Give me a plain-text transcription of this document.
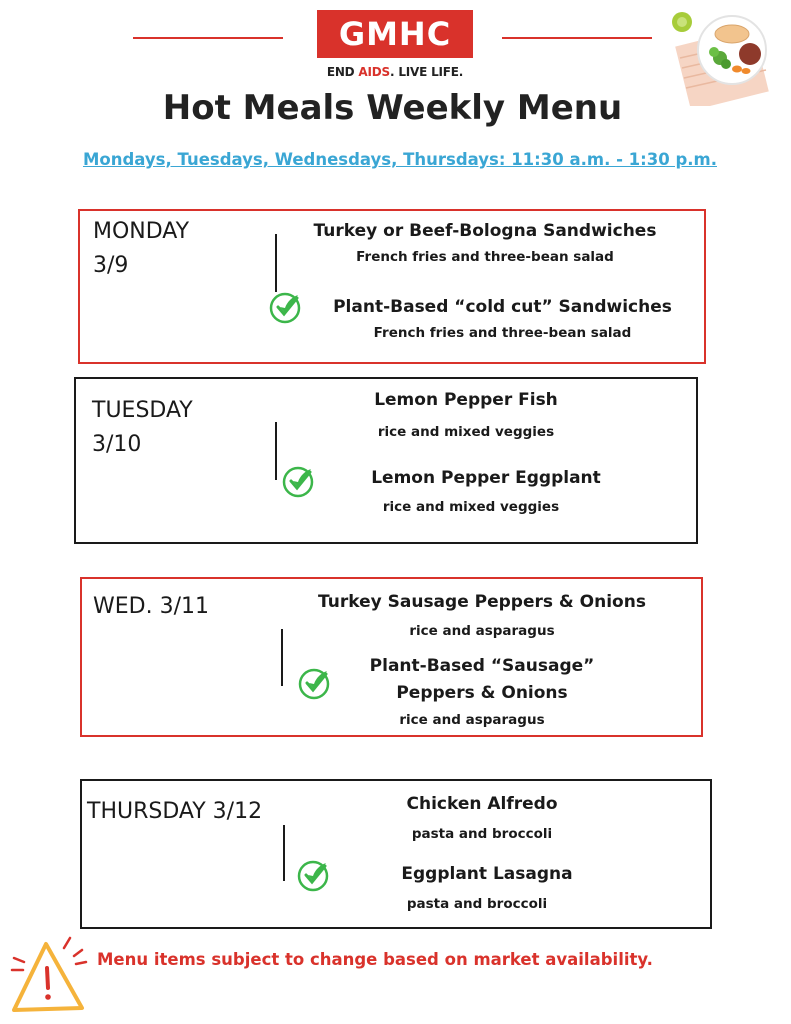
GMHC
END AIDS. LIVE LIFE.
Hot Meals Weekly Menu
Mondays, Tuesdays, Wednesdays, Thursdays: 11:30 a.m. - 1:30 p.m.
MONDAY
3/9
Turkey or Beef-Bologna Sandwiches
French fries and three-bean salad
Plant-Based “cold cut” Sandwiches
French fries and three-bean salad
TUESDAY
3/10
Lemon Pepper Fish
rice and mixed veggies
Lemon Pepper Eggplant
rice and mixed veggies
WED. 3/11	Turkey Sausage Peppers & Onions
rice and asparagus
Plant-Based “Sausage”
Peppers & Onions
rice and asparagus
THURSDAY 3/12	Chicken Alfredo
pasta and broccoli
Eggplant Lasagna
pasta and broccoli
Menu items subject to change based on market availability.
